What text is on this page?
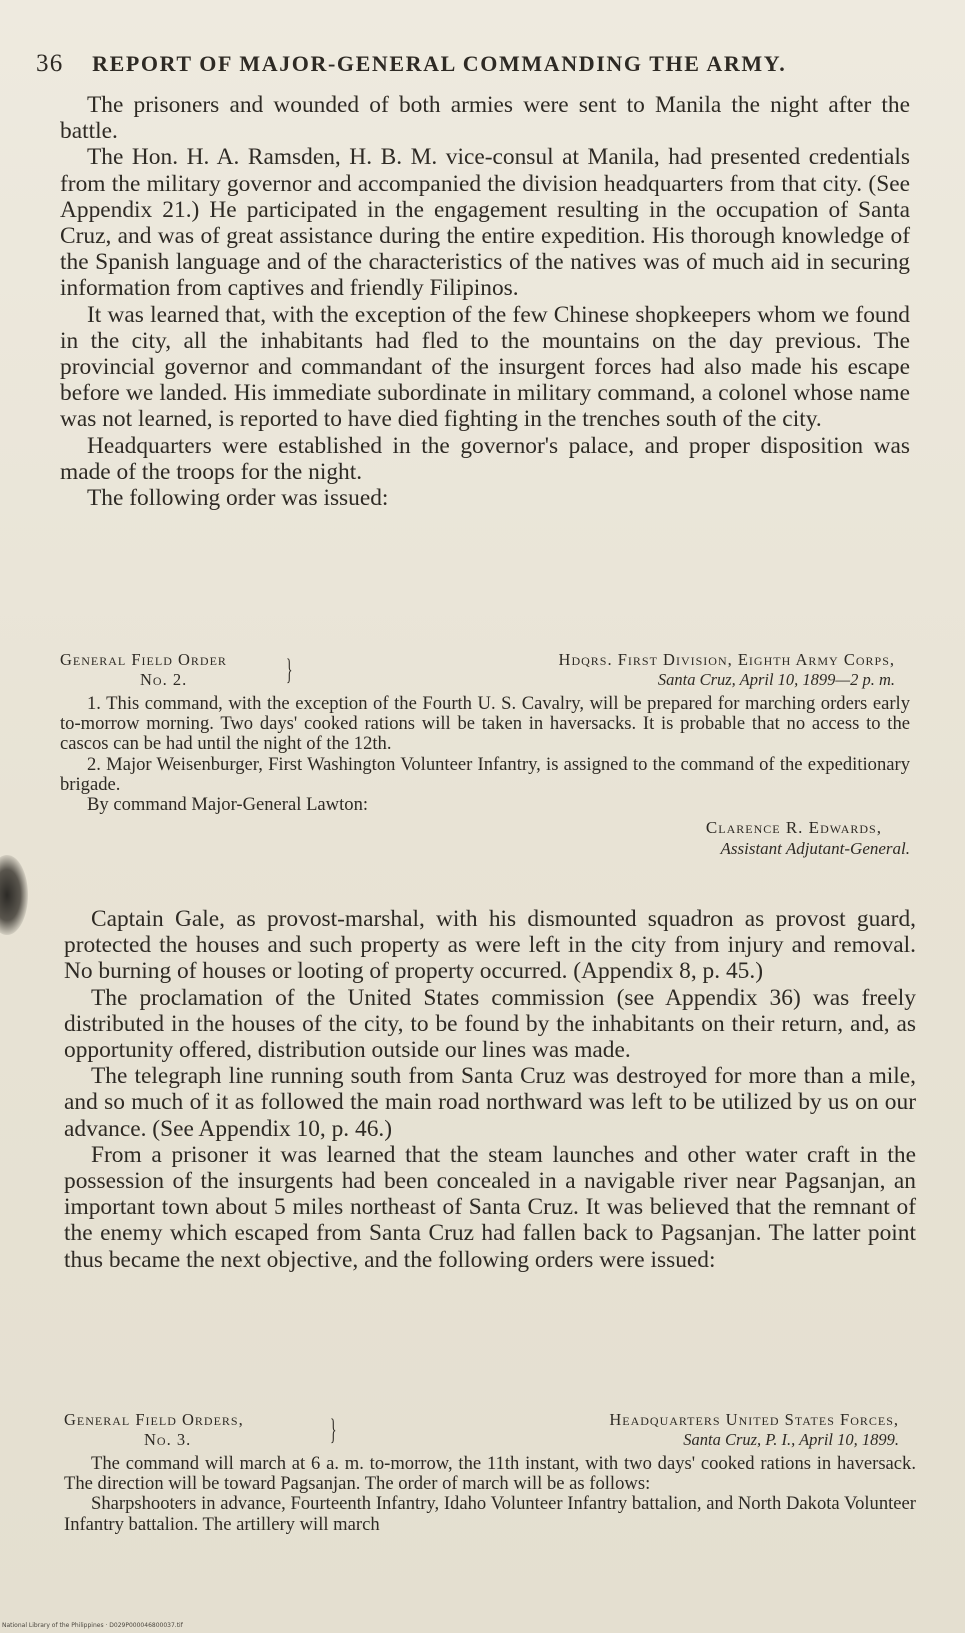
36 REPORT OF MAJOR-GENERAL COMMANDING THE ARMY.

The prisoners and wounded of both armies were sent to Manila the night after the battle.

The Hon. H. A. Ramsden, H. B. M. vice-consul at Manila, had presented credentials from the military governor and accompanied the division headquarters from that city. (See Appendix 21.) He participated in the engagement resulting in the occupation of Santa Cruz, and was of great assistance during the entire expedition. His thorough knowledge of the Spanish language and of the characteristics of the natives was of much aid in securing information from captives and friendly Filipinos.

It was learned that, with the exception of the few Chinese shopkeepers whom we found in the city, all the inhabitants had fled to the mountains on the day previous. The provincial governor and commandant of the insurgent forces had also made his escape before we landed. His immediate subordinate in military command, a colonel whose name was not learned, is reported to have died fighting in the trenches south of the city.

Headquarters were established in the governor's palace, and proper disposition was made of the troops for the night.

The following order was issued:

General Field Order
No. 2.	}	Hdqrs. First Division, Eighth Army Corps,
Santa Cruz, April 10, 1899—2 p. m.

1. This command, with the exception of the Fourth U. S. Cavalry, will be prepared for marching orders early to-morrow morning. Two days' cooked rations will be taken in haversacks. It is probable that no access to the cascos can be had until the night of the 12th.

2. Major Weisenburger, First Washington Volunteer Infantry, is assigned to the command of the expeditionary brigade.

By command Major-General Lawton:

Clarence R. Edwards,
Assistant Adjutant-General.

Captain Gale, as provost-marshal, with his dismounted squadron as provost guard, protected the houses and such property as were left in the city from injury and removal. No burning of houses or looting of property occurred. (Appendix 8, p. 45.)

The proclamation of the United States commission (see Appendix 36) was freely distributed in the houses of the city, to be found by the inhabitants on their return, and, as opportunity offered, distribution outside our lines was made.

The telegraph line running south from Santa Cruz was destroyed for more than a mile, and so much of it as followed the main road northward was left to be utilized by us on our advance. (See Appendix 10, p. 46.)

From a prisoner it was learned that the steam launches and other water craft in the possession of the insurgents had been concealed in a navigable river near Pagsanjan, an important town about 5 miles northeast of Santa Cruz. It was believed that the remnant of the enemy which escaped from Santa Cruz had fallen back to Pagsanjan. The latter point thus became the next objective, and the following orders were issued:

General Field Orders,
No. 3.	}	Headquarters United States Forces,
Santa Cruz, P. I., April 10, 1899.

The command will march at 6 a. m. to-morrow, the 11th instant, with two days' cooked rations in haversack. The direction will be toward Pagsanjan. The order of march will be as follows:

Sharpshooters in advance, Fourteenth Infantry, Idaho Volunteer Infantry battalion, and North Dakota Volunteer Infantry battalion. The artillery will march

National Library of the Philippines · D029P000046800037.tif
